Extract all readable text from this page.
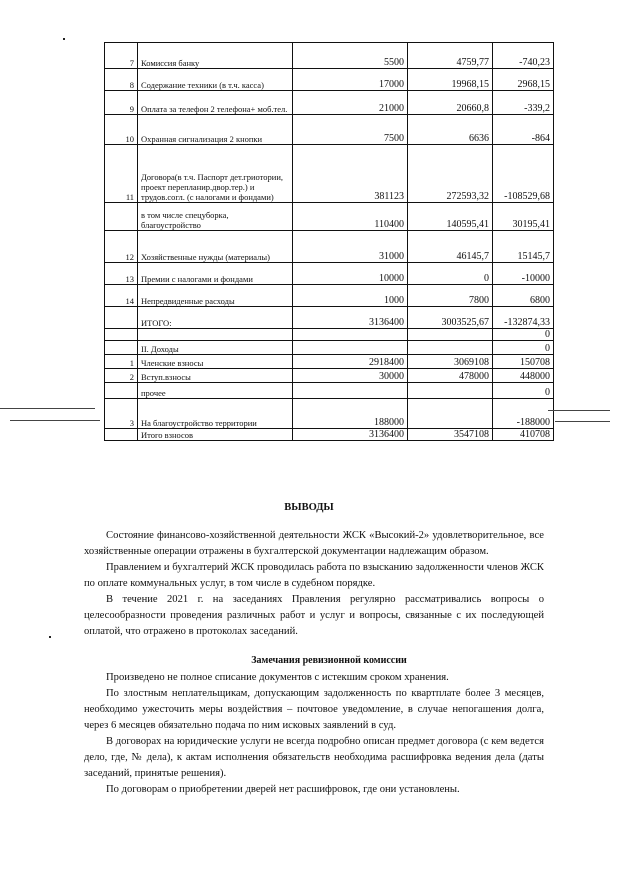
7	Комиссия банку	5500	4759,77	-740,23
8	Содержание техники (в т.ч. касса)	17000	19968,15	2968,15
9	Оплата за телефон 2 телефона+ моб.тел.	21000	20660,8	-339,2
10	Охранная сигнализация 2 кнопки	7500	6636	-864
11	Договора(в т.ч. Паспорт дет.гриотории, проект перепланир.двор.тер.) и трудов.согл. (с налогами и фондами)	381123	272593,32	-108529,68
	в том числе спецуборка, благоустройство	110400	140595,41	30195,41
12	Хозяйственные нужды (материалы)	31000	46145,7	15145,7
13	Премии с налогами и фондами	10000	0	-10000
14	Непредвиденные расходы	1000	7800	6800
	ИТОГО:	3136400	3003525,67	-132874,33
				0
	II. Доходы			0
1	Членские взносы	2918400	3069108	150708
2	Вступ.взносы	30000	478000	448000
	прочее			0
3	На благоустройство территории	188000		-188000
	Итого взносов	3136400	3547108	410708
ВЫВОДЫ

Состояние финансово-хозяйственной деятельности ЖСК «Высокий-2» удовлетворительное, все хозяйственные операции отражены в бухгалтерской документации надлежащим образом.

Правлением и бухгалтерий ЖСК проводилась работа по взысканию задолженности членов ЖСК по оплате коммунальных услуг, в том числе в судебном порядке.

В течение 2021 г. на заседаниях Правления регулярно рассматривались вопросы о целесообразности проведения различных работ и услуг и вопросы, связанные с их последующей оплатой, что отражено в протоколах заседаний.

Замечания ревизионной комиссии

Произведено не полное списание документов с истекшим сроком хранения.

По злостным неплательщикам, допускающим задолженность по квартплате более 3 месяцев, необходимо ужесточить меры воздействия – почтовое уведомление, в случае непогашения долга, через 6 месяцев обязательно подача по ним исковых заявлений в суд.

В договорах на юридические услуги не всегда подробно описан предмет договора (с кем ведется дело, где, № дела), к актам исполнения обязательств необходима расшифровка ведения дела (даты заседаний, принятые решения).

По договорам о приобретении дверей нет расшифровок, где они установлены.
